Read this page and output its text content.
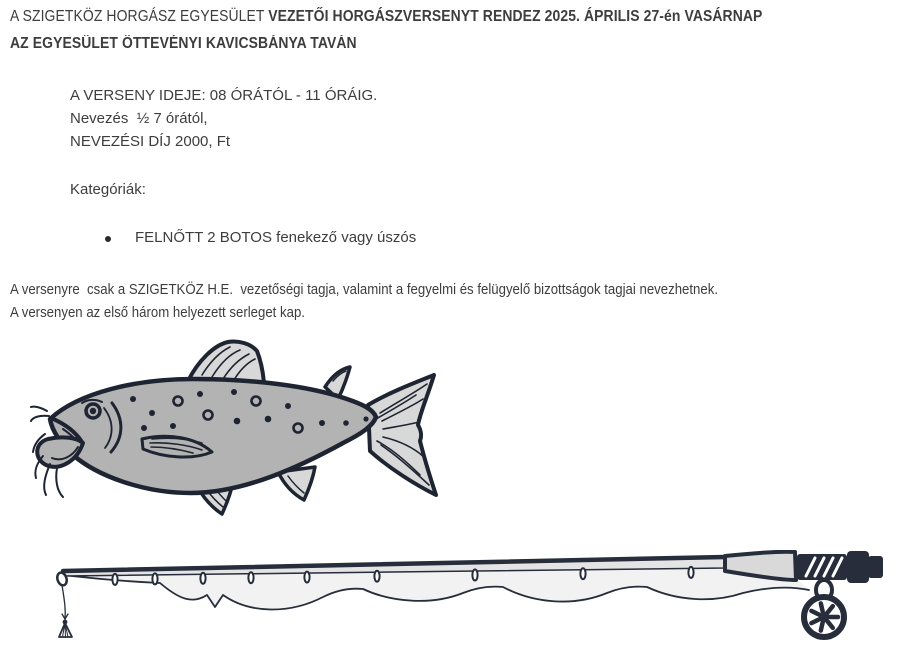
A SZIGETKÖZ HORGÁSZ EGYESÜLET VEZETŐI HORGÁSZVERSENYT RENDEZ 2025. ÁPRILIS 27-én VASÁRNAP
AZ EGYESÜLET ÖTTEVÉNYI KAVICSBÁNYA TAVÁN
A VERSENY IDEJE: 08 ÓRÁTÓL - 11 ÓRÁIG.
Nevezés  ½ 7 órától,
NEVEZÉSI DÍJ 2000, Ft
Kategóriák:
FELNŐTT 2 BOTOS fenekező vagy úszós
A versenyre  csak a SZIGETKÖZ H.E.  vezetőségi tagja, valamint a fegyelmi és felügyelő bizottságok tagjai nevezhetnek.
A versenyen az első három helyezett serleget kap.
